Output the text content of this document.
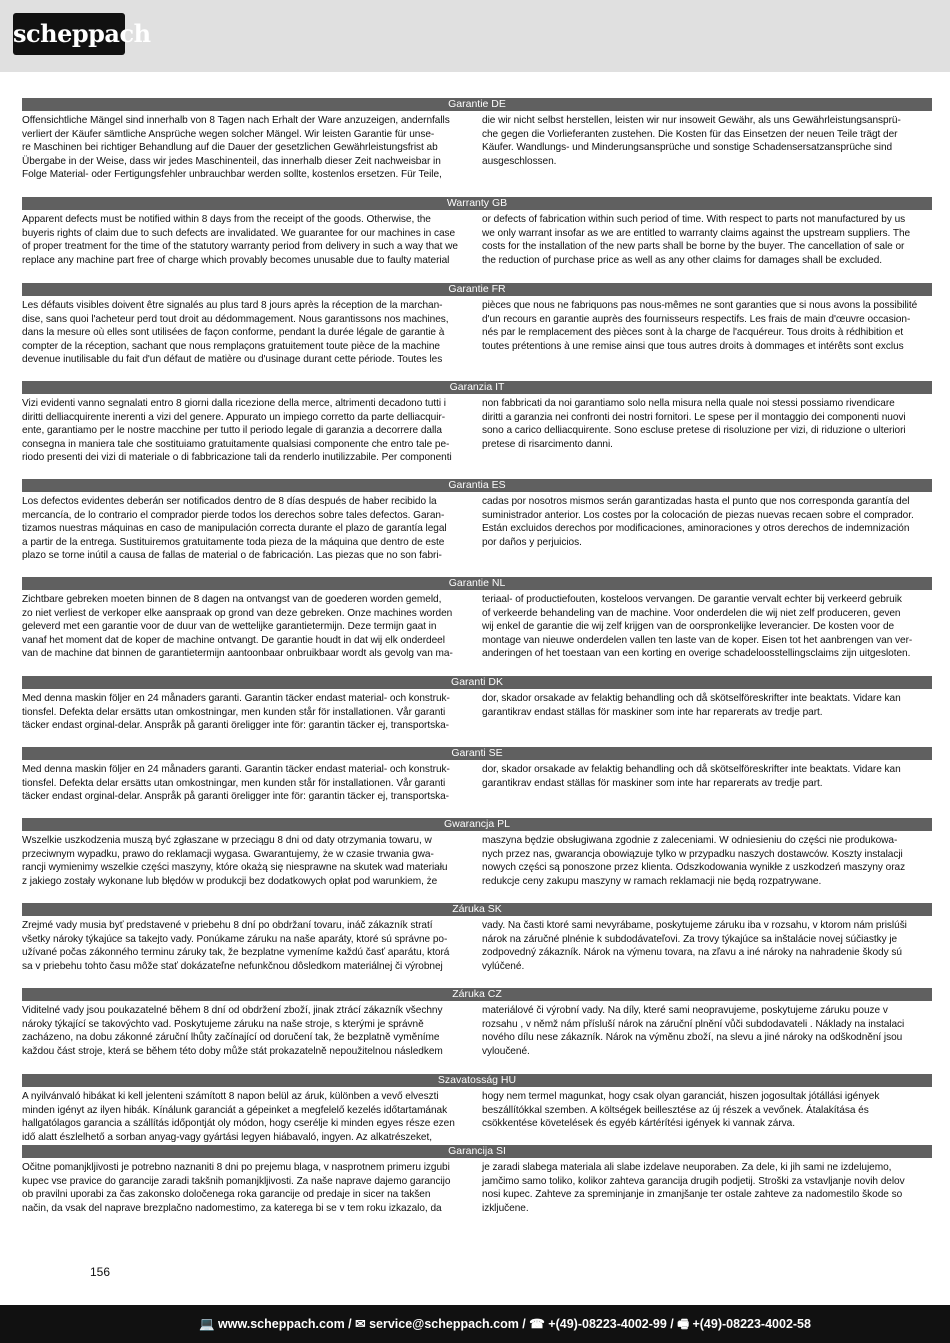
scheppach
Garantie DE
Offensichtliche Mängel sind innerhalb von 8 Tagen nach Erhalt der Ware anzuzeigen, andernfalls
verliert der Käufer sämtliche Ansprüche wegen solcher Mängel. Wir leisten Garantie für unse-
re Maschinen bei richtiger Behandlung auf die Dauer der gesetzlichen Gewährleistungsfrist ab
Übergabe in der Weise, dass wir jedes Maschinenteil, das innerhalb dieser Zeit nachweisbar in
Folge Material- oder Fertigungsfehler unbrauchbar werden sollte, kostenlos ersetzen. Für Teile,
die wir nicht selbst herstellen, leisten wir nur insoweit Gewähr, als uns Gewährleistungsansprü-
che gegen die Vorlieferanten zustehen. Die Kosten für das Einsetzen der neuen Teile trägt der
Käufer. Wandlungs- und Minderungsansprüche und sonstige Schadensersatzansprüche sind
ausgeschlossen.
Warranty GB
Apparent defects must be notified within 8 days from the receipt of the goods. Otherwise, the
buyeris rights of claim due to such defects are invalidated. We guarantee for our machines in case
of proper treatment for the time of the statutory warranty period from delivery in such a way that we
replace any machine part free of charge which provably becomes unusable due to faulty material
or defects of fabrication within such period of time. With respect to parts not manufactured by us
we only warrant insofar as we are entitled to warranty claims against the upstream suppliers. The
costs for the installation of the new parts shall be borne by the buyer. The cancellation of sale or
the reduction of purchase price as well as any other claims for damages shall be excluded.
Garantie FR
Les défauts visibles doivent être signalés au plus tard 8 jours après la réception de la marchan-
dise, sans quoi l'acheteur perd tout droit au dédommagement. Nous garantissons nos machines,
dans la mesure où elles sont utilisées de façon conforme, pendant la durée légale de garantie à
compter de la réception, sachant que nous remplaçons gratuitement toute pièce de la machine
devenue inutilisable du fait d'un défaut de matière ou d'usinage durant cette période. Toutes les
pièces que nous ne fabriquons pas nous-mêmes ne sont garanties que si nous avons la possibilité
d'un recours en garantie auprès des fournisseurs respectifs. Les frais de main d'œuvre occasion-
nés par le remplacement des pièces sont à la charge de l'acquéreur. Tous droits à rédhibition et
toutes prétentions à une remise ainsi que tous autres droits à dommages et intérêts sont exclus
Garanzia IT
Vizi evidenti vanno segnalati entro 8 giorni dalla ricezione della merce, altrimenti decadono tutti i
diritti delliacquirente inerenti a vizi del genere. Appurato un impiego corretto da parte delliacquir-
ente, garantiamo per le nostre macchine per tutto il periodo legale di garanzia a decorrere dalla
consegna in maniera tale che sostituiamo gratuitamente qualsiasi componente che entro tale pe-
riodo presenti dei vizi di materiale o di fabbricazione tali da renderlo inutilizzabile. Per componenti
non fabbricati da noi garantiamo solo nella misura nella quale noi stessi possiamo rivendicare
diritti a garanzia nei confronti dei nostri fornitori. Le spese per il montaggio dei componenti nuovi
sono a carico delliacquirente. Sono escluse pretese di risoluzione per vizi, di riduzione o ulteriori
pretese di risarcimento danni.
Garantia ES
Los defectos evidentes deberán ser notificados dentro de 8 días después de haber recibido la
mercancía, de lo contrario el comprador pierde todos los derechos sobre tales defectos. Garan-
tizamos nuestras máquinas en caso de manipulación correcta durante el plazo de garantía legal
a partir de la entrega. Sustituiremos gratuitamente toda pieza de la máquina que dentro de este
plazo se torne inútil a causa de fallas de material o de fabricación. Las piezas que no son fabri-
cadas por nosotros mismos serán garantizadas hasta el punto que nos corresponda garantía del
suministrador anterior. Los costes por la colocación de piezas nuevas recaen sobre el comprador.
Están excluidos derechos por modificaciones, aminoraciones y otros derechos de indemnización
por daños y perjuicios.
Garantie NL
Zichtbare gebreken moeten binnen de 8 dagen na ontvangst van de goederen worden gemeld,
zo niet verliest de verkoper elke aanspraak op grond van deze gebreken. Onze machines worden
geleverd met een garantie voor de duur van de wettelijke garantietermijn. Deze termijn gaat in
vanaf het moment dat de koper de machine ontvangt. De garantie houdt in dat wij elk onderdeel
van de machine dat binnen de garantietermijn aantoonbaar onbruikbaar wordt als gevolg van ma-
teriaal- of productiefouten, kosteloos vervangen. De garantie vervalt echter bij verkeerd gebruik
of verkeerde behandeling van de machine. Voor onderdelen die wij niet zelf produceren, geven
wij enkel de garantie die wij zelf krijgen van de oorspronkelijke leverancier. De kosten voor de
montage van nieuwe onderdelen vallen ten laste van de koper. Eisen tot het aanbrengen van ver-
anderingen of het toestaan van een korting en overige schadeloosstellingsclaims zijn uitgesloten.
Garanti DK
Med denna maskin följer en 24 månaders garanti. Garantin täcker endast material- och konstruk-
tionsfel. Defekta delar ersätts utan omkostningar, men kunden står för installationen. Vår garanti
täcker endast orginal-delar. Anspråk på garanti öreligger inte för: garantin täcker ej, transportska-
dor, skador orsakade av felaktig behandling och då skötselföreskrifter inte beaktats. Vidare kan
garantikrav endast ställas för maskiner som inte har reparerats av tredje part.
Garanti SE
Med denna maskin följer en 24 månaders garanti. Garantin täcker endast material- och konstruk-
tionsfel. Defekta delar ersätts utan omkostningar, men kunden står för installationen. Vår garanti
täcker endast orginal-delar. Anspråk på garanti öreligger inte för: garantin täcker ej, transportska-
dor, skador orsakade av felaktig behandling och då skötselföreskrifter inte beaktats. Vidare kan
garantikrav endast ställas för maskiner som inte har reparerats av tredje part.
Gwarancja PL
Wszelkie uszkodzenia muszą być zgłaszane w przeciągu 8 dni od daty otrzymania towaru, w
przeciwnym wypadku, prawo do reklamacji wygasa. Gwarantujemy, że w czasie trwania gwa-
rancji wymienimy wszelkie części maszyny, które okażą się niesprawne na skutek wad materiału
z jakiego zostały wykonane lub błędów w produkcji bez dodatkowych opłat pod warunkiem, że
maszyna będzie obsługiwana zgodnie z zaleceniami. W odniesieniu do części nie produkowa-
nych przez nas, gwarancja obowiązuje tylko w przypadku naszych dostawców. Koszty instalacji
nowych części są ponoszone przez klienta. Odszkodowania wynikłe z uszkodzeń maszyny oraz
redukcje ceny zakupu maszyny w ramach reklamacji nie będą rozpatrywane.
Záruka SK
Zrejmé vady musia byť predstavené v priebehu 8 dní po obdržaní tovaru, ináč zákazník stratí
všetky nároky týkajúce sa takejto vady. Ponúkame záruku na naše aparáty, ktoré sú správne po-
užívané počas zákonného terminu záruky tak, že bezplatne vymeníme každú časť aparátu, ktorá
sa v priebehu tohto času môže stať dokázateľne nefunkčnou dôsledkom materiálnej či výrobnej
vady. Na časti ktoré sami nevyrábame, poskytujeme záruku iba v rozsahu, v ktorom nám prislúši
nárok na záručné plnénie k subdodávateľovi. Za trovy týkajúce sa inštalácie novej súčiastky je
zodpovedný zákazník. Nárok na výmenu tovara, na zľavu a iné nároky na nahradenie škody sú
vylúčené.
Záruka CZ
Viditelné vady jsou poukazatelné během 8 dní od obdržení zboží, jinak ztrácí zákazník všechny
nároky týkající se takovýchto vad. Poskytujeme záruku na naše stroje, s kterými je správně
zacházeno, na dobu zákonné záruční lhůty začínající od doručení tak, že bezplatně vyměníme
každou část stroje, která se během této doby může stát prokazatelně nepoužitelnou následkem
materiálové či výrobní vady. Na díly, které sami neopravujeme, poskytujeme záruku pouze v
rozsahu , v němž nám přísluší nárok na záruční plnění vůči subdodavateli . Náklady na instalaci
nového dílu nese zákazník. Nárok na výměnu zboží, na slevu a jiné nároky na odškodnění jsou
vyloučené.
Szavatosság HU
A nyilvánvaló hibákat ki kell jelenteni számított 8 napon belül az áruk, különben a vevő elveszti
minden igényt az ilyen hibák. Kínálunk garanciát a gépeinket a megfelelő kezelés időtartamának
hallgatólagos garancia a szállítás időpontját oly módon, hogy cserélje ki minden egyes része ezen
idő alatt észlelhető a sorban anyag-vagy gyártási legyen hiábavaló, ingyen. Az alkatrészeket,
hogy nem termel magunkat, hogy csak olyan garanciát, hiszen jogosultak jótállási igények
beszállítókkal szemben. A költségek beillesztése az új részek a vevőnek. Átalakítása és
csökkentése követelések és egyéb kártérítési igények ki vannak zárva.
Garancija SI
Očitne pomanjkljivosti je potrebno naznaniti 8 dni po prejemu blaga, v nasprotnem primeru izgubi
kupec vse pravice do garancije zaradi takšnih pomanjkljivosti. Za naše naprave dajemo garancijo
ob pravilni uporabi za čas zakonsko določenega roka garancije od predaje in sicer na takšen
način, da vsak del naprave brezplačno nadomestimo, za katerega bi se v tem roku izkazalo, da
je zaradi slabega materiala ali slabe izdelave neuporaben. Za dele, ki jih sami ne izdelujemo,
jamčimo samo toliko, kolikor zahteva garancija drugih podjetij. Stroški za vstavljanje novih delov
nosi kupec. Zahteve za spreminjanje in zmanjšanje ter ostale zahteve za nadomestilo škode so
izključene.
156
💻 www.scheppach.com / ✉ service@scheppach.com / ☎ +(49)-08223-4002-99 / 🖷 +(49)-08223-4002-58
